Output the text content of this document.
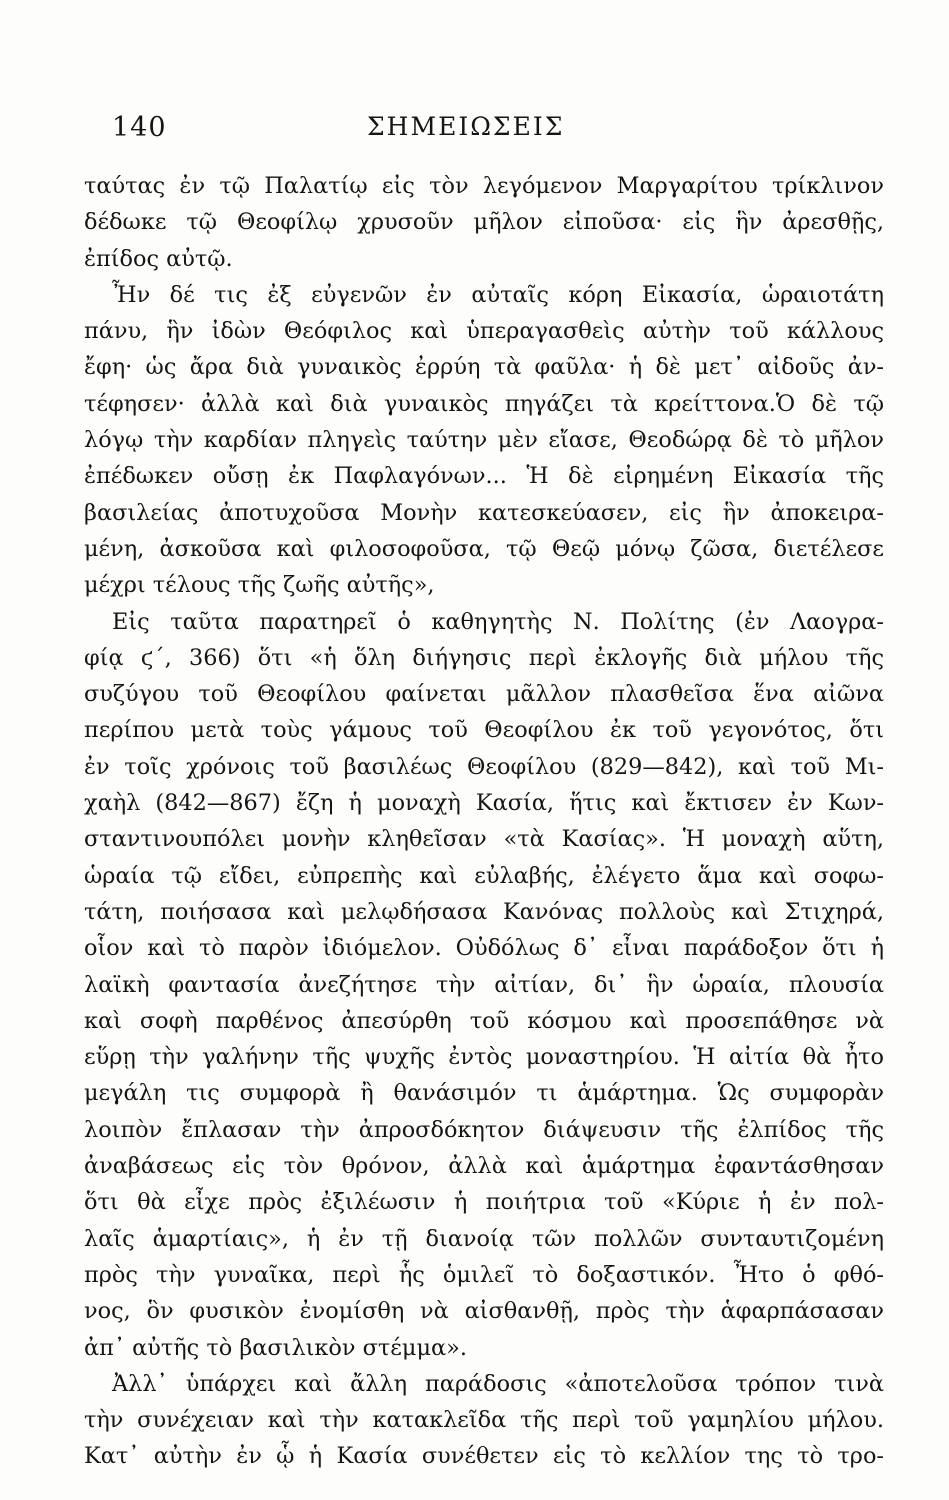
140	ΣΗΜΕΙΩΣΕΙΣ
ταύτας ἐν τῷ Παλατίῳ εἰς τὸν λεγόμενον Μαργαρίτου τρίκλινον
δέδωκε τῷ Θεοφίλῳ χρυσοῦν μῆλον εἰποῦσα· εἰς ἣν ἀρεσθῇς,
ἐπίδος αὐτῷ.
Ἦν δέ τις ἐξ εὐγενῶν ἐν αὐταῖς κόρη Εἰκασία, ὡραιοτάτη
πάνυ, ἣν ἰδὼν Θεόφιλος καὶ ὑπεραγασθεὶς αὐτὴν τοῦ κάλλους
ἔφη· ὡς ἄρα διὰ γυναικὸς ἐρρύη τὰ φαῦλα· ἡ δὲ μετ᾽ αἰδοῦς ἀν-
τέφησεν· ἀλλὰ καὶ διὰ γυναικὸς πηγάζει τὰ κρείττονα.Ὁ δὲ τῷ
λόγῳ τὴν καρδίαν πληγεὶς ταύτην μὲν εἴασε, Θεοδώρᾳ δὲ τὸ μῆλον
ἐπέδωκεν οὔσῃ ἐκ Παφλαγόνων... Ἡ δὲ εἰρημένη Εἰκασία τῆς
βασιλείας ἀποτυχοῦσα Μονὴν κατεσκεύασεν, εἰς ἣν ἀποκειρα-
μένη, ἀσκοῦσα καὶ φιλοσοφοῦσα, τῷ Θεῷ μόνῳ ζῶσα, διετέλεσε
μέχρι τέλους τῆς ζωῆς αὐτῆς»,
Εἰς ταῦτα παρατηρεῖ ὁ καθηγητὴς Ν. Πολίτης (ἐν Λαογρα-
φίᾳ ϛ΄, 366) ὅτι «ἡ ὅλη διήγησις περὶ ἐκλογῆς διὰ μήλου τῆς
συζύγου τοῦ Θεοφίλου φαίνεται μᾶλλον πλασθεῖσα ἕνα αἰῶνα
περίπου μετὰ τοὺς γάμους τοῦ Θεοφίλου ἐκ τοῦ γεγονότος, ὅτι
ἐν τοῖς χρόνοις τοῦ βασιλέως Θεοφίλου (829—842), καὶ τοῦ Μι-
χαὴλ (842—867) ἔζη ἡ μοναχὴ Κασία, ἥτις καὶ ἔκτισεν ἐν Κων-
σταντινουπόλει μονὴν κληθεῖσαν «τὰ Κασίας». Ἡ μοναχὴ αὕτη,
ὡραία τῷ εἴδει, εὐπρεπὴς καὶ εὐλαβής, ἐλέγετο ἅμα καὶ σοφω-
τάτη, ποιήσασα καὶ μελῳδήσασα Κανόνας πολλοὺς καὶ Στιχηρά,
οἷον καὶ τὸ παρὸν ἰδιόμελον. Οὐδόλως δ᾽ εἶναι παράδοξον ὅτι ἡ
λαϊκὴ φαντασία ἀνεζήτησε τὴν αἰτίαν, δι᾽ ἣν ὡραία, πλουσία
καὶ σοφὴ παρθένος ἀπεσύρθη τοῦ κόσμου καὶ προσεπάθησε νὰ
εὕρῃ τὴν γαλήνην τῆς ψυχῆς ἐντὸς μοναστηρίου. Ἡ αἰτία θὰ ἦτο
μεγάλη τις συμφορὰ ἢ θανάσιμόν τι ἁμάρτημα. Ὡς συμφορὰν
λοιπὸν ἔπλασαν τὴν ἀπροσδόκητον διάψευσιν τῆς ἐλπίδος τῆς
ἀναβάσεως εἰς τὸν θρόνον, ἀλλὰ καὶ ἁμάρτημα ἐφαντάσθησαν
ὅτι θὰ εἶχε πρὸς ἐξιλέωσιν ἡ ποιήτρια τοῦ «Κύριε ἡ ἐν πολ-
λαῖς ἁμαρτίαις», ἡ ἐν τῇ διανοίᾳ τῶν πολλῶν συνταυτιζομένη
πρὸς τὴν γυναῖκα, περὶ ἧς ὁμιλεῖ τὸ δοξαστικόν. Ἦτο ὁ φθό-
νος, ὃν φυσικὸν ἐνομίσθη νὰ αἰσθανθῇ, πρὸς τὴν ἁφαρπάσασαν
ἀπ᾽ αὐτῆς τὸ βασιλικὸν στέμμα».
Ἀλλ᾽ ὑπάρχει καὶ ἄλλη παράδοσις «ἀποτελοῦσα τρόπον τινὰ
τὴν συνέχειαν καὶ τὴν κατακλεῖδα τῆς περὶ τοῦ γαμηλίου μήλου.
Κατ᾽ αὐτὴν ἐν ᾧ ἡ Κασία συνέθετεν εἰς τὸ κελλίον της τὸ τρο-
